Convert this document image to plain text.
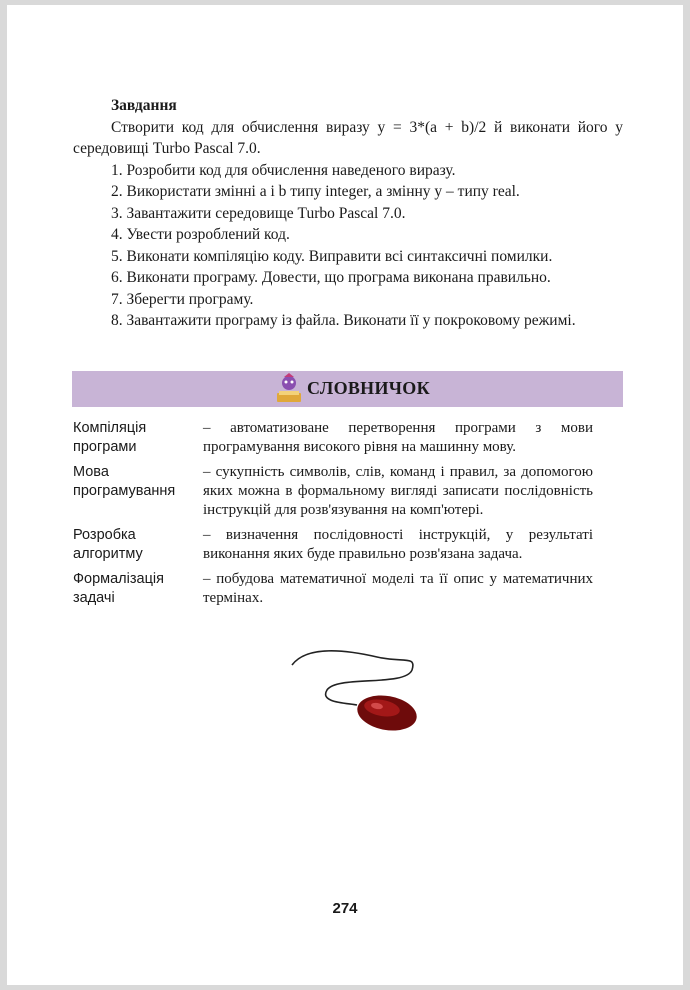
Завдання

Створити код для обчислення виразу y = 3*(a + b)/2 й виконати його у середовищі Turbo Pascal 7.0.

1. Розробити код для обчислення наведеного виразу.
2. Використати змінні a і b типу integer, а змінну y – типу real.
3. Завантажити середовище Turbo Pascal 7.0.
4. Увести розроблений код.
5. Виконати компіляцію коду. Виправити всі синтаксичні помилки.
6. Виконати програму. Довести, що програма виконана правильно.
7. Зберегти програму.
8. Завантажити програму із файла. Виконати її у покроковому режимі.
СЛОВНИЧОК
Компіляція програми
– автоматизоване перетворення програми з мови програмування високого рівня на машинну мову.
Мова програмування
– сукупність символів, слів, команд і правил, за допомогою яких можна в формальному вигляді записати послідовність інструкцій для розв'язування на комп'ютері.
Розробка алгоритму
– визначення послідовності інструкцій, у результаті виконання яких буде правильно розв'язана задача.
Формалізація задачі
– побудова математичної моделі та її опис у математичних термінах.
274
